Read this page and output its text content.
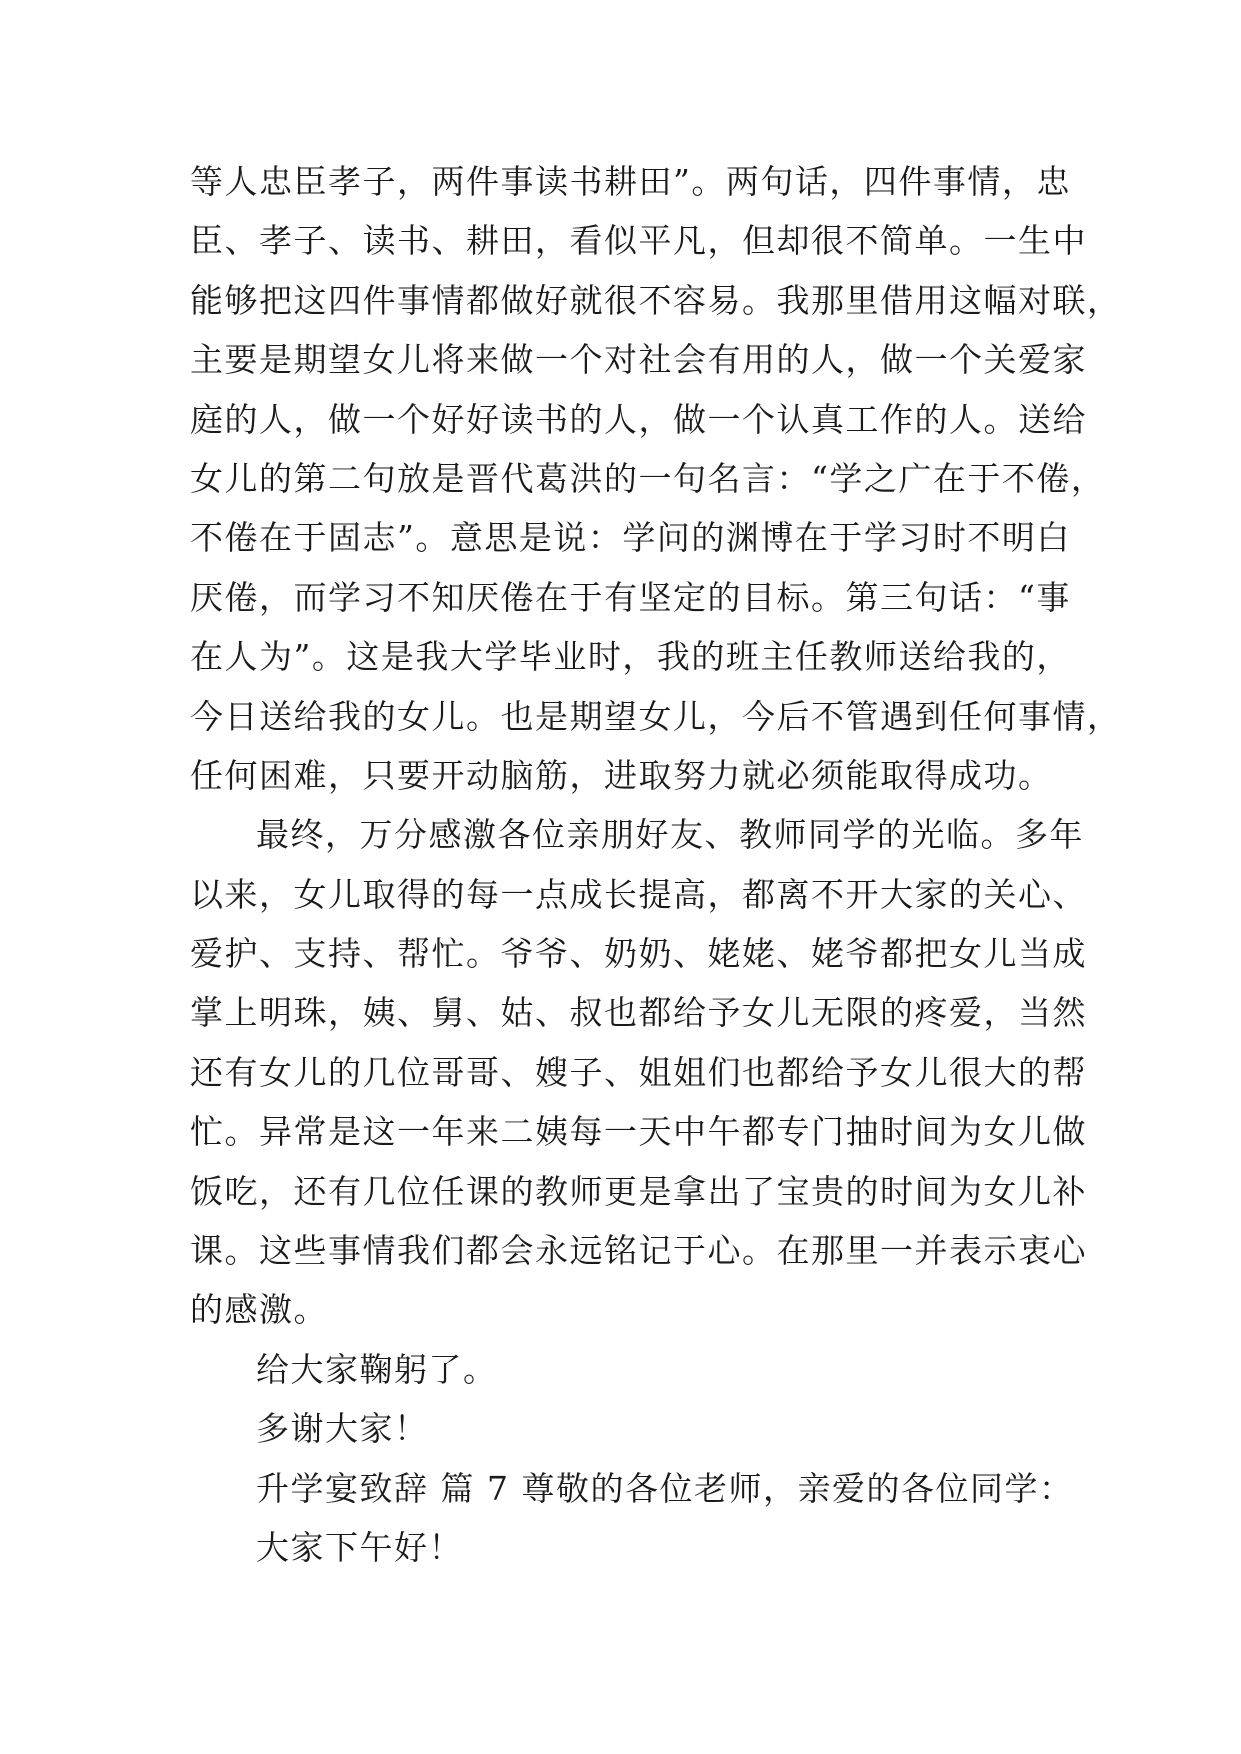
等人忠臣孝子，两件事读书耕田”。两句话，四件事情，忠
臣、孝子、读书、耕田，看似平凡，但却很不简单。一生中
能够把这四件事情都做好就很不容易。我那里借用这幅对联，
主要是期望女儿将来做一个对社会有用的人，做一个关爱家
庭的人，做一个好好读书的人，做一个认真工作的人。送给
女儿的第二句放是晋代葛洪的一句名言：“学之广在于不倦，
不倦在于固志”。意思是说：学问的渊博在于学习时不明白
厌倦，而学习不知厌倦在于有坚定的目标。第三句话：“事
在人为”。这是我大学毕业时，我的班主任教师送给我的，
今日送给我的女儿。也是期望女儿，今后不管遇到任何事情，
任何困难，只要开动脑筋，进取努力就必须能取得成功。
最终，万分感激各位亲朋好友、教师同学的光临。多年
以来，女儿取得的每一点成长提高，都离不开大家的关心、
爱护、支持、帮忙。爷爷、奶奶、姥姥、姥爷都把女儿当成
掌上明珠，姨、舅、姑、叔也都给予女儿无限的疼爱，当然
还有女儿的几位哥哥、嫂子、姐姐们也都给予女儿很大的帮
忙。异常是这一年来二姨每一天中午都专门抽时间为女儿做
饭吃，还有几位任课的教师更是拿出了宝贵的时间为女儿补
课。这些事情我们都会永远铭记于心。在那里一并表示衷心
的感激。
给大家鞠躬了。
多谢大家！
升学宴致辞 篇 7 尊敬的各位老师，亲爱的各位同学：
大家下午好！
